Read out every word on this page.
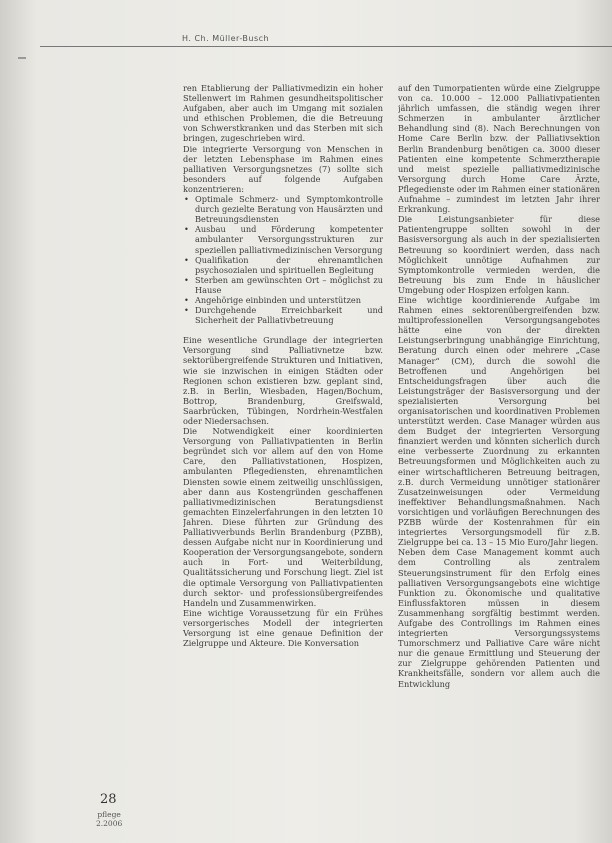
H. Ch. Müller-Busch

ren Etablierung der Palliativmedizin ein hoher Stellenwert im Rahmen gesundheitspolitischer Aufgaben, aber auch im Umgang mit sozialen und ethischen Problemen, die die Betreuung von Schwerstkranken und das Sterben mit sich bringen, zugeschrieben wird.

Die integrierte Versorgung von Menschen in der letzten Lebensphase im Rahmen eines palliativen Versorgungsnetzes (7) sollte sich besonders auf folgende Aufgaben konzentrieren:

• Optimale Schmerz- und Symptomkontrolle durch gezielte Beratung von Hausärzten und Betreuungsdiensten
• Ausbau und Förderung kompetenter ambulanter Versorgungsstrukturen zur speziellen palliativmedizinischen Versorgung
• Qualifikation der ehrenamtlichen psychosozialen und spirituellen Begleitung
• Sterben am gewünschten Ort – möglichst zu Hause
• Angehörige einbinden und unterstützen
• Durchgehende Erreichbarkeit und Sicherheit der Palliativbetreuung

Eine wesentliche Grundlage der integrierten Versorgung sind Palliativnetze bzw. sektorübergreifende Strukturen und Initiativen, wie sie inzwischen in einigen Städten oder Regionen schon existieren bzw. geplant sind, z.B. in Berlin, Wiesbaden, Hagen/Bochum, Bottrop, Brandenburg, Greifswald, Saarbrücken, Tübingen, Nordrhein-Westfalen oder Niedersachsen.

Die Notwendigkeit einer koordinierten Versorgung von Palliativpatienten in Berlin begründet sich vor allem auf den von Home Care, den Palliativstationen, Hospizen, ambulanten Pflegediensten, ehrenamtlichen Diensten sowie einem zeitweilig unschlüssigen, aber dann aus Kostengründen geschaffenen palliativmedizinischen Beratungsdienst gemachten Einzelerfahrungen in den letzten 10 Jahren. Diese führten zur Gründung des Palliativverbunds Berlin Brandenburg (PZBB), dessen Aufgabe nicht nur in Koordinierung und Kooperation der Versorgungsangebote, sondern auch in Fort- und Weiterbildung, Qualitätssicherung und Forschung liegt. Ziel ist die optimale Versorgung von Palliativpatienten durch sektor- und professionsübergreifendes Handeln und Zusammenwirken.

Eine wichtige Voraussetzung für ein Frühes versorgerisches Modell der integrierten Versorgung ist eine genaue Definition der Zielgruppe und Akteure. Die Konversation

auf den Tumorpatienten würde eine Zielgruppe von ca. 10.000 – 12.000 Palliativpatienten jährlich umfassen, die ständig wegen ihrer Schmerzen in ambulanter ärztlicher Behandlung sind (8). Nach Berechnungen von Home Care Berlin bzw. der Palliativsektion Berlin Brandenburg benötigen ca. 3000 dieser Patienten eine kompetente Schmerztherapie und meist spezielle palliativmedizinische Versorgung durch Home Care Ärzte, Pflegedienste oder im Rahmen einer stationären Aufnahme – zumindest im letzten Jahr ihrer Erkrankung.

Die Leistungsanbieter für diese Patientengruppe sollten sowohl in der Basisversorgung als auch in der spezialisierten Betreuung so koordiniert werden, dass nach Möglichkeit unnötige Aufnahmen zur Symptomkontrolle vermieden werden, die Betreuung bis zum Ende in häuslicher Umgebung oder Hospizen erfolgen kann.

Eine wichtige koordinierende Aufgabe im Rahmen eines sektorenübergreifenden bzw. multiprofessionellen Versorgungsangebotes hätte eine von der direkten Leistungserbringung unabhängige Einrichtung, Beratung durch einen oder mehrere „Case Manager“ (CM), durch die sowohl die Betroffenen und Angehörigen bei Entscheidungsfragen über auch die Leistungsträger der Basisversorgung und der spezialisierten Versorgung bei organisatorischen und koordinativen Problemen unterstützt werden. Case Manager würden aus dem Budget der integrierten Versorgung finanziert werden und könnten sicherlich durch eine verbesserte Zuordnung zu erkannten Betreuungsformen und Möglichkeiten auch zu einer wirtschaftlicheren Betreuung beitragen, z.B. durch Vermeidung unnötiger stationärer Zusatzeinweisungen oder Vermeidung ineffektiver Behandlungsmaßnahmen. Nach vorsichtigen und vorläufigen Berechnungen des PZBB würde der Kostenrahmen für ein integriertes Versorgungsmodell für z.B. Zielgruppe bei ca. 13 – 15 Mio Euro/Jahr liegen.

Neben dem Case Management kommt auch dem Controlling als zentralem Steuerungsinstrument für den Erfolg eines palliativen Versorgungsangebots eine wichtige Funktion zu. Ökonomische und qualitative Einflussfaktoren müssen in diesem Zusammenhang sorgfältig bestimmt werden. Aufgabe des Controllings im Rahmen eines integrierten Versorgungssystems Tumorschmerz und Palliative Care wäre nicht nur die genaue Ermittlung und Steuerung der zur Zielgruppe gehörenden Patienten und Krankheitsfälle, sondern vor allem auch die Entwicklung

28
pflege
2.2006
